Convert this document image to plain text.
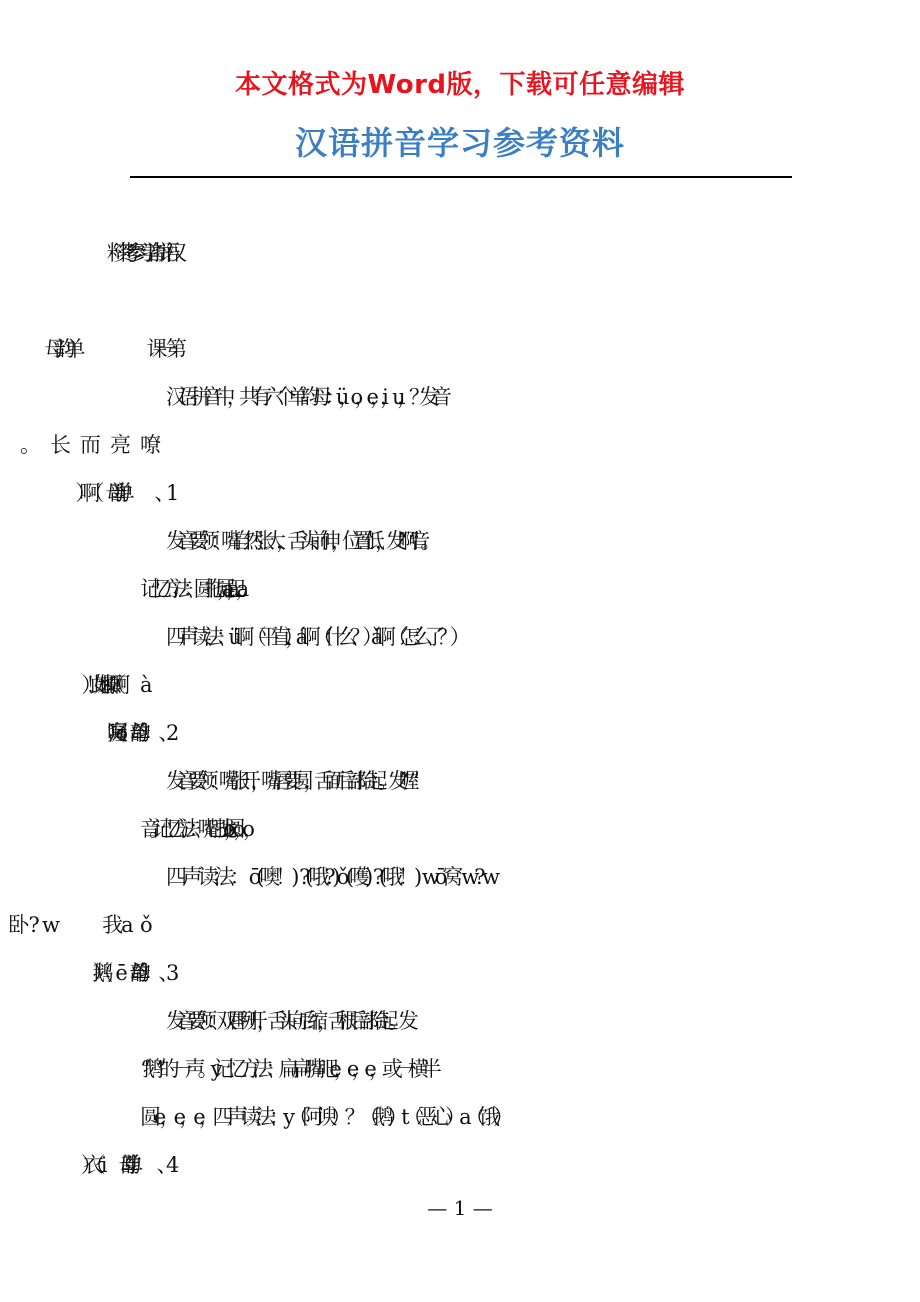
本文格式为Word版，下载可任意编辑
汉语拼音学习参考资料
汉语拼音中，共有六个单韵母：ü ，o，e，i，u，？ 发音
发音要领：嘴自然张大，舌头前伸，位置低，发“啊”音。
记忆方法：圆拖尾巴    a  ，a ，a ，
四声读法：ü啊（平直）， á啊（什么？）  ǎ啊（怎么了？）
发音要领：嘴张开，嘴唇要圆，舌面后部抬起。发“喔”
音。 记忆方法：嘴巴拢圆  o，o，o，
四声读法：  ō(噢！)   ?(哦? ) ǒ (嚄)   ?(哦！)   wō窝  w? w
发音要领：双唇咧开，舌头向后缩，舌根后部抬起。发
“鹅”的一声。y 记忆方法：扁扁嘴吧 e，e，e，或一横半
圆 e，e，e，  四声读法：y（阿谀）？（鹅）t（恶心）a（饿）
— 1 —
